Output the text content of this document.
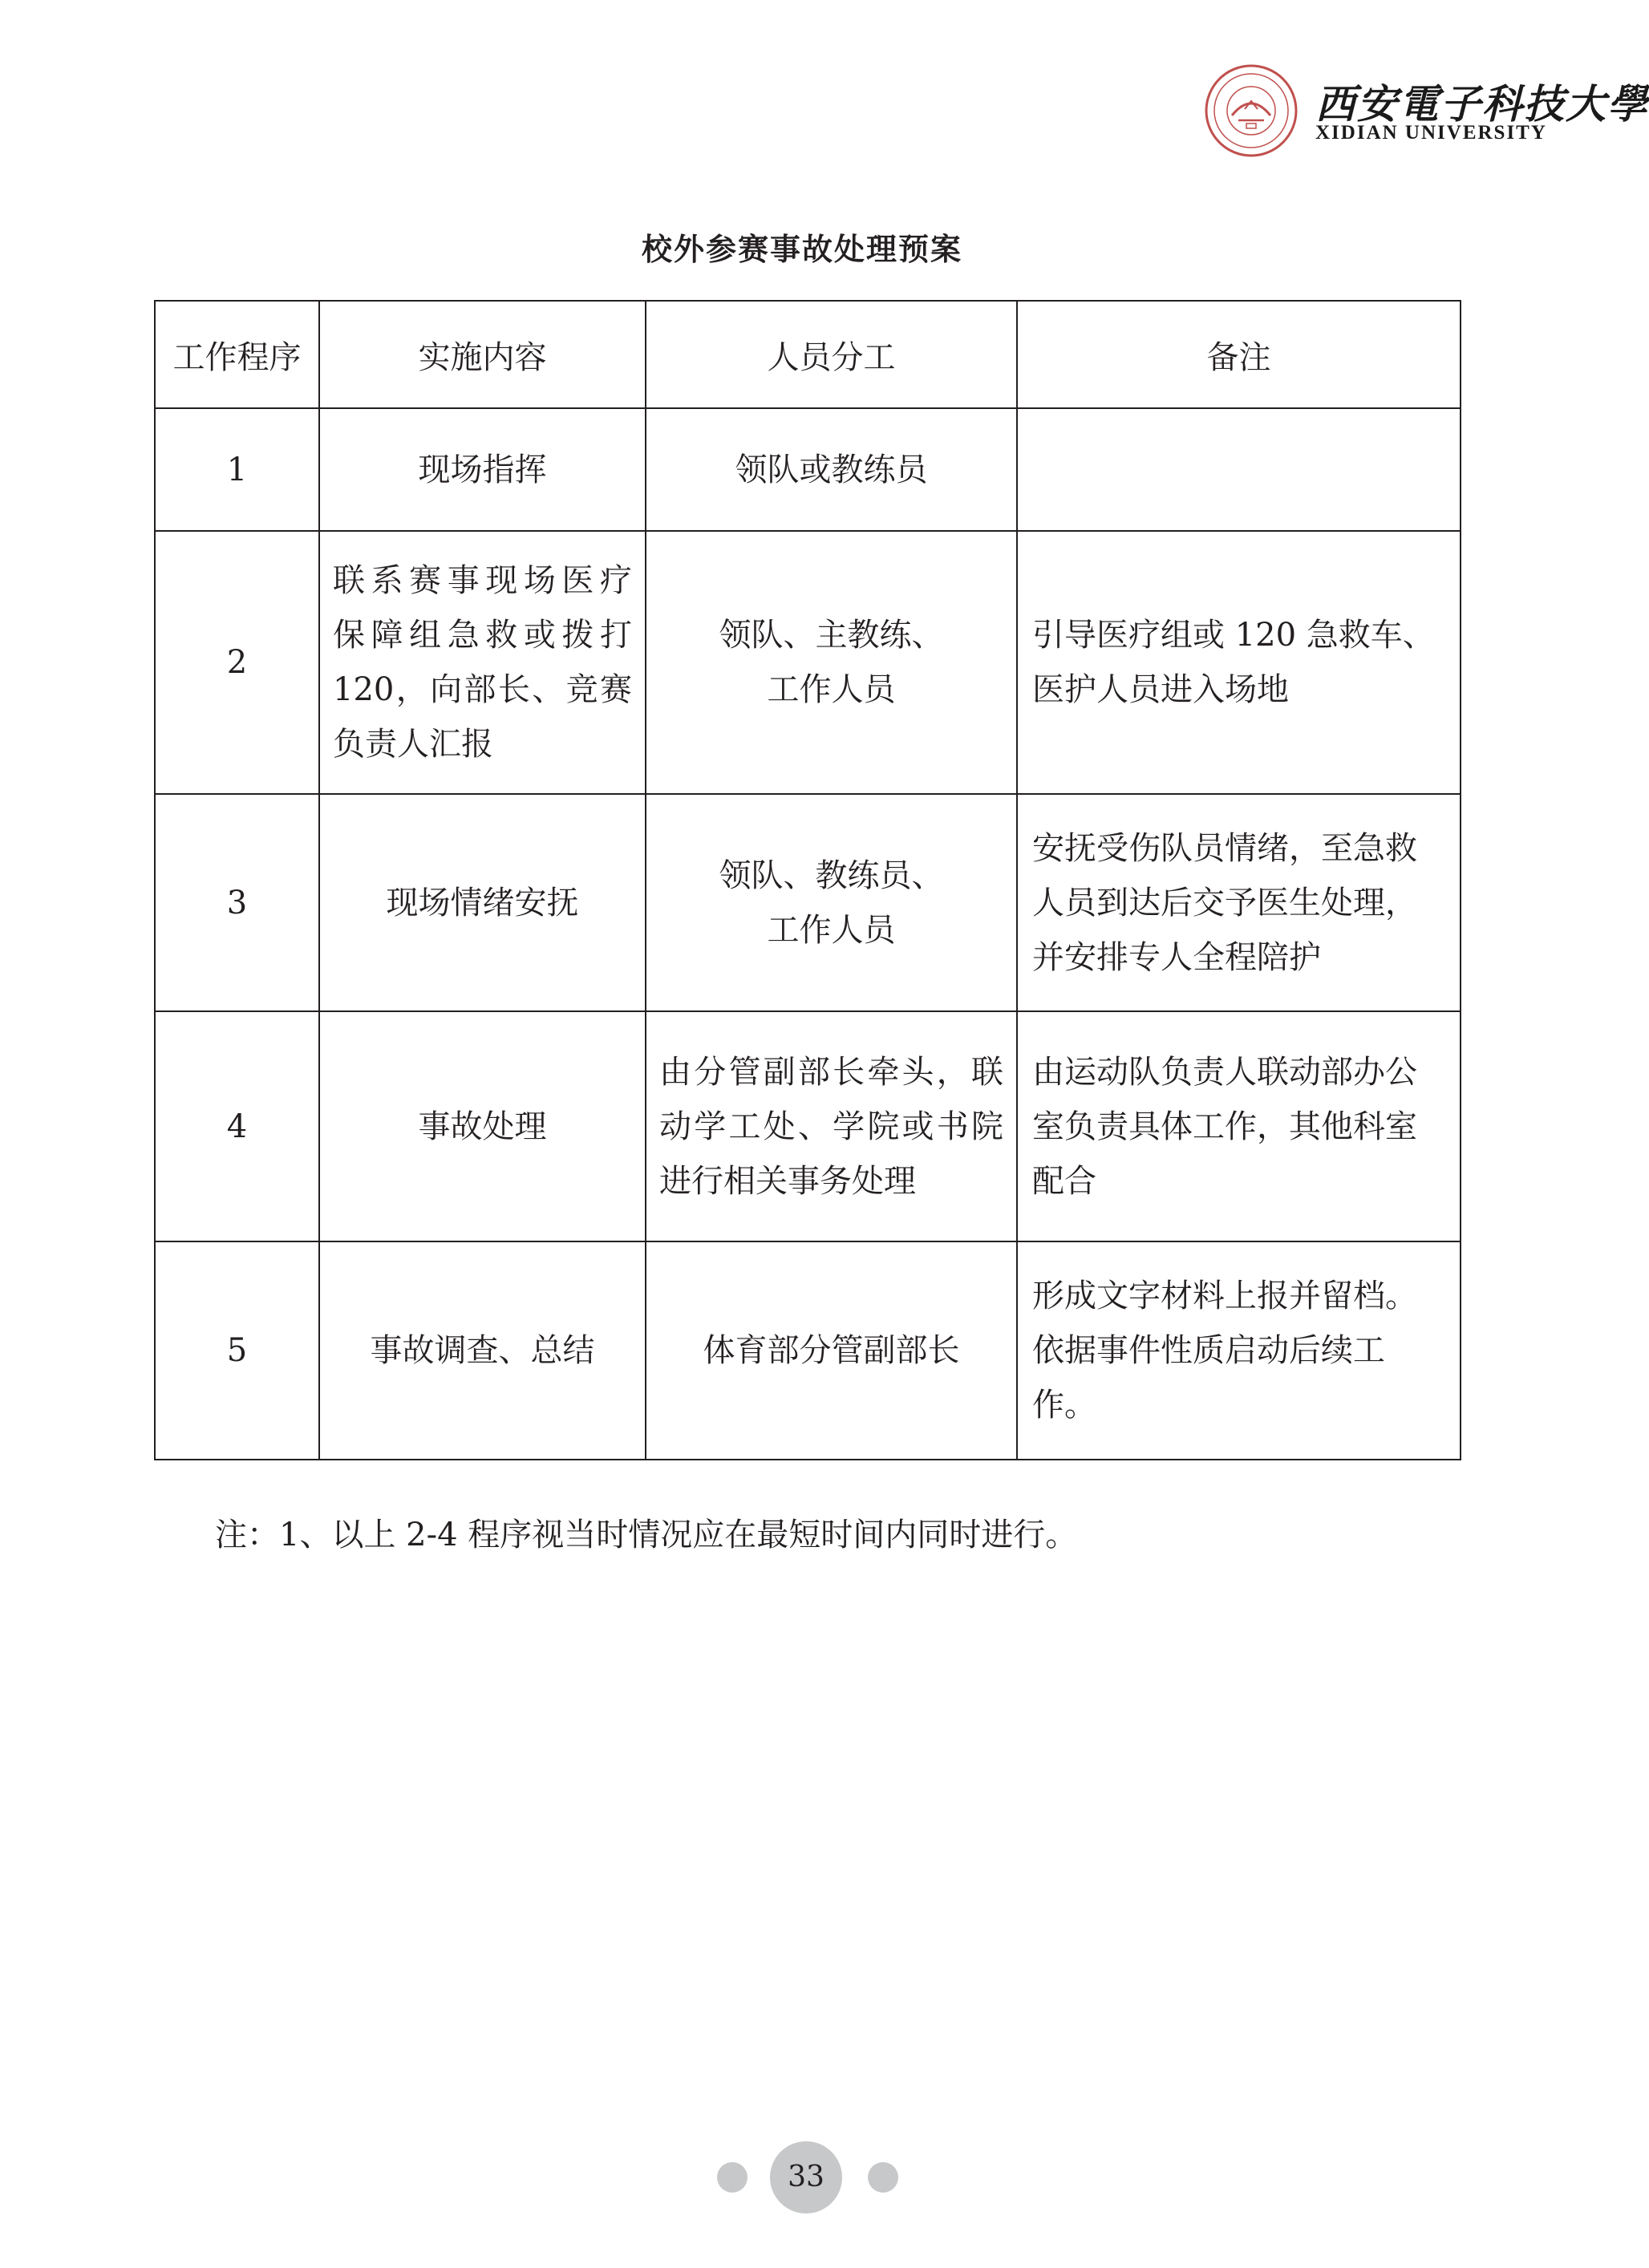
西安電子科技大學
XIDIAN UNIVERSITY
校外参赛事故处理预案
工作程序	实施内容	人员分工	备注
1	现场指挥	领队或教练员	

2	联系赛事现场医疗
保障组急救或拨打
120，向部长、竞赛
负责人汇报	领队、主教练、
工作人员	引导医疗组或 120 急救车、
医护人员进入场地

3	现场情绪安抚	领队、教练员、
工作人员	安抚受伤队员情绪，至急救
人员到达后交予医生处理，
并安排专人全程陪护

4	事故处理	由分管副部长牵头，联
动学工处、学院或书院
进行相关事务处理	由运动队负责人联动部办公
室负责具体工作，其他科室
配合

5	事故调查、总结	体育部分管副部长	形成文字材料上报并留档。
依据事件性质启动后续工作。
注：1、以上 2-4 程序视当时情况应在最短时间内同时进行。
33
